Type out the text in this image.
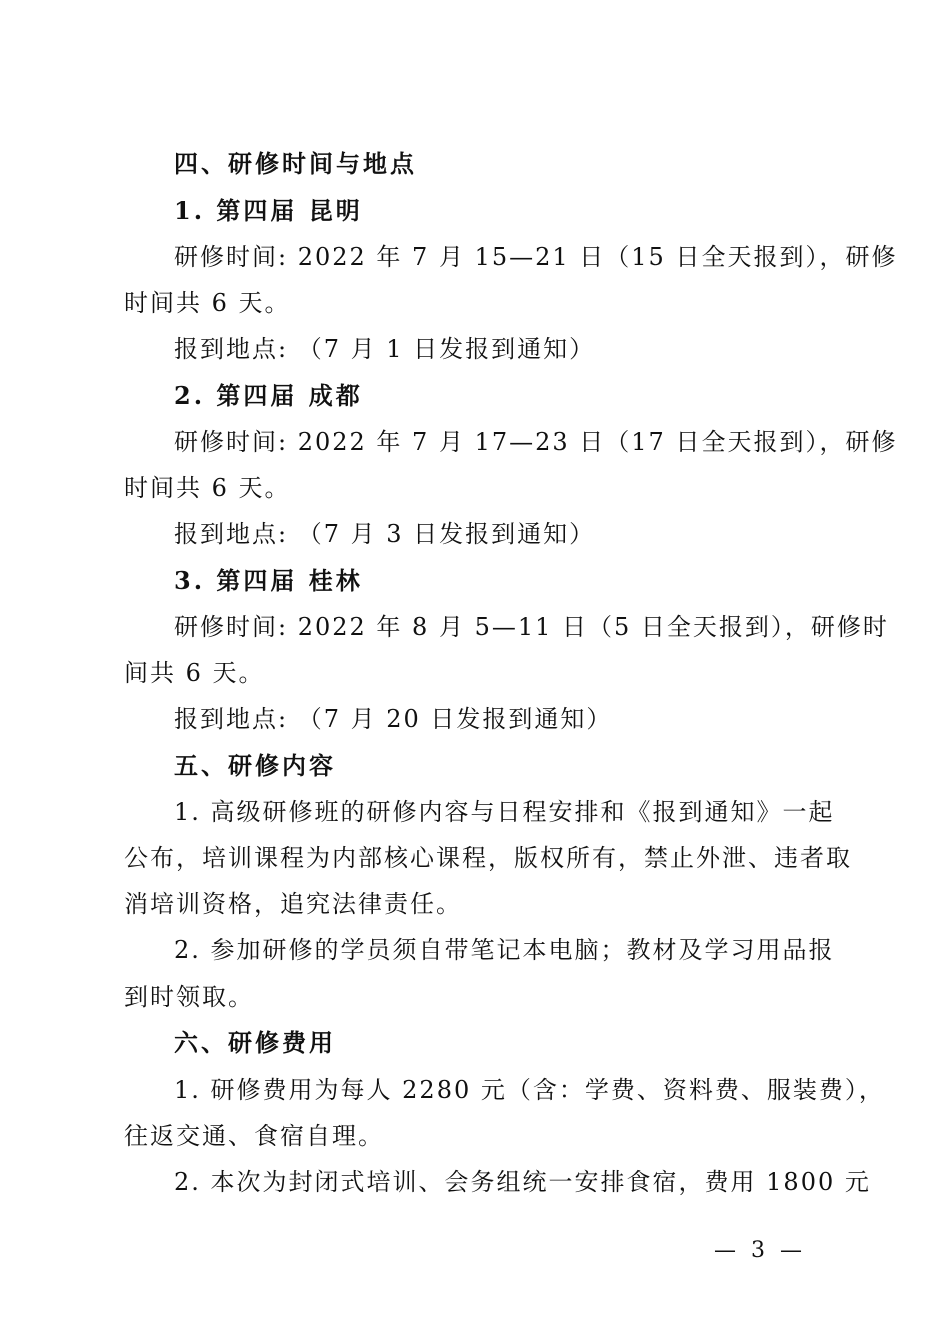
四、研修时间与地点
1. 第四届 昆明
研修时间: 2022 年 7 月 15—21 日（15 日全天报到），研修
时间共 6 天。
报到地点: （7 月 1 日发报到通知）
2. 第四届 成都
研修时间: 2022 年 7 月 17—23 日（17 日全天报到），研修
时间共 6 天。
报到地点: （7 月 3 日发报到通知）
3. 第四届 桂林
研修时间: 2022 年 8 月 5—11 日（5 日全天报到），研修时
间共 6 天。
报到地点: （7 月 20 日发报到通知）
五、研修内容
1. 高级研修班的研修内容与日程安排和《报到通知》一起
公布，培训课程为内部核心课程，版权所有，禁止外泄、违者取
消培训资格，追究法律责任。
2. 参加研修的学员须自带笔记本电脑；教材及学习用品报
到时领取。
六、研修费用
1. 研修费用为每人 2280 元（含：学费、资料费、服装费），
往返交通、食宿自理。
2. 本次为封闭式培训、会务组统一安排食宿，费用 1800 元
— 3 —
